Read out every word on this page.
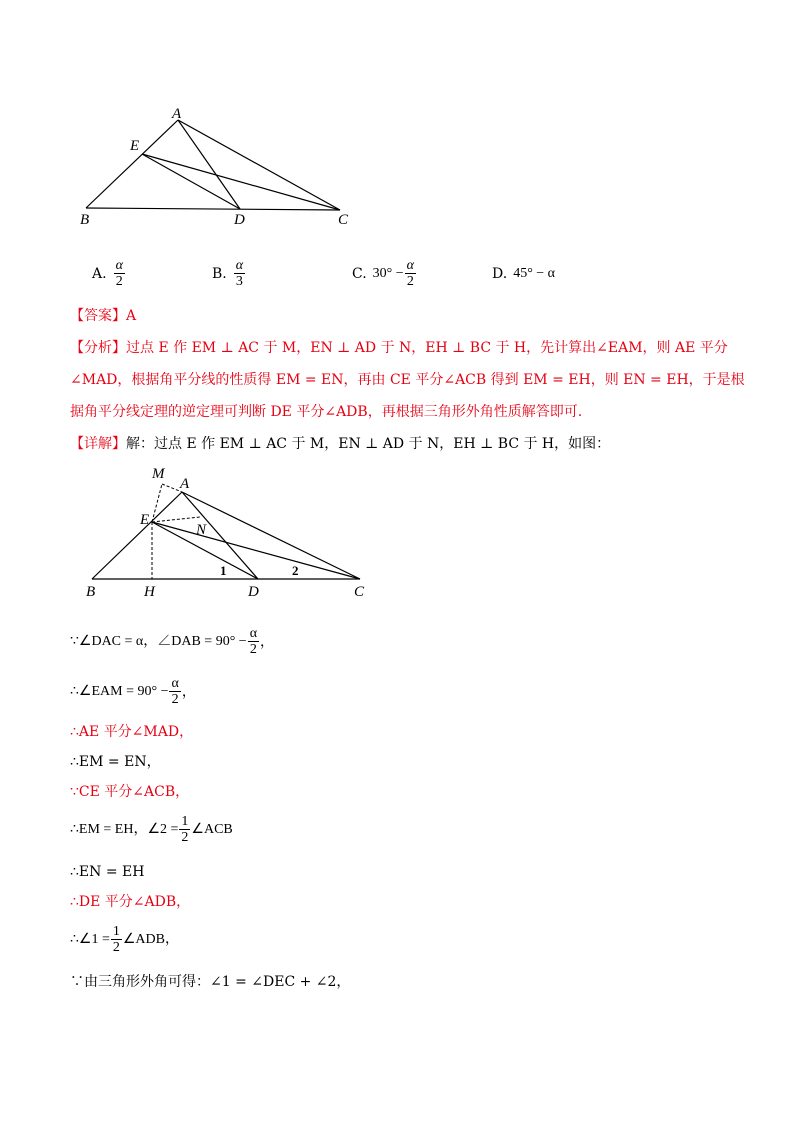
A
E
B	D	C
A. $\frac{\alpha}{2}$	B. $\frac{\alpha}{3}$	C. $30^\circ - \frac{\alpha}{2}$	D. 45° − α
【答案】A
【分析】过点 E 作 EM ⊥ AC 于 M，EN ⊥ AD 于 N，EH ⊥ BC 于 H，先计算出∠EAM，则 AE 平分
∠MAD，根据角平分线的性质得 EM = EN，再由 CE 平分∠ACB 得到 EM = EH，则 EN = EH，于是根
据角平分线定理的逆定理可判断 DE 平分∠ADB，再根据三角形外角性质解答即可.
【详解】解：过点 E 作 EM ⊥ AC 于 M，EN ⊥ AD 于 N，EH ⊥ BC 于 H，如图：
M
A
E
N
B	H	D	C
1	2
∵∠DAC = α，∠DAB = $90^\circ - \frac{\alpha}{2}$ ，
∴∠EAM = $90^\circ - \frac{\alpha}{2}$ ，
∴AE 平分∠MAD，
∴EM = EN，
∵CE 平分∠ACB，
∴EM = EH，∠2 = $\frac{1}{2}$ ∠ACB
∴EN = EH
∴DE 平分∠ADB，
∴∠1 = $\frac{1}{2}$ ∠ADB，
∵由三角形外角可得：∠1 = ∠DEC + ∠2，
